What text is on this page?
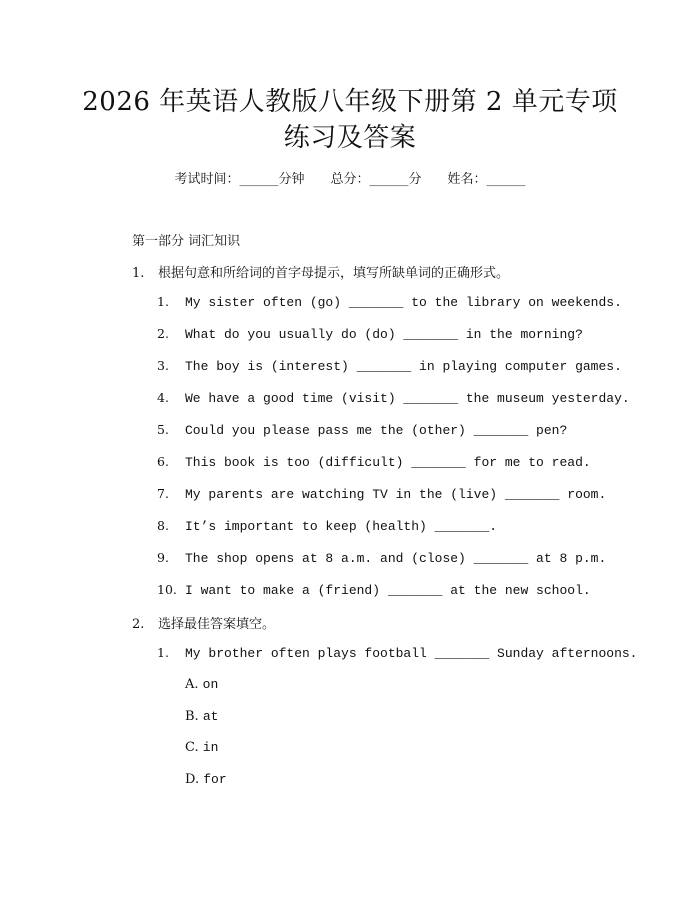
2026 年英语人教版八年级下册第 2 单元专项
练习及答案
考试时间：______分钟 总分：______分 姓名：______
第一部分 词汇知识
1. 根据句意和所给词的首字母提示，填写所缺单词的正确形式。
1. My sister often (go) _______ to the library on weekends.
2. What do you usually do (do) _______ in the morning?
3. The boy is (interest) _______ in playing computer games.
4. We have a good time (visit) _______ the museum yesterday.
5. Could you please pass me the (other) _______ pen?
6. This book is too (difficult) _______ for me to read.
7. My parents are watching TV in the (live) _______ room.
8. It’s important to keep (health) _______.
9. The shop opens at 8 a.m. and (close) _______ at 8 p.m.
10. I want to make a (friend) _______ at the new school.
2. 选择最佳答案填空。
1. My brother often plays football _______ Sunday afternoons.
A. on
B. at
C. in
D. for
